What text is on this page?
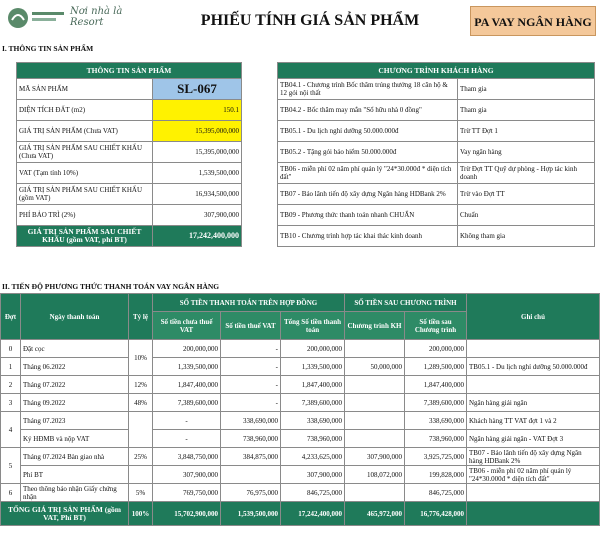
Nơi nhà là Resort	PHIẾU TÍNH GIÁ SẢN PHẨM	PA VAY NGÂN HÀNG
I. THÔNG TIN SẢN PHẨM
THÔNG TIN SẢN PHẨM	
MÃ SẢN PHẨM	SL-067
DIỆN TÍCH ĐẤT (m2)	150.1
GIÁ TRỊ SẢN PHẨM (Chưa VAT)	15,395,000,000
GIÁ TRỊ SẢN PHẨM SAU CHIẾT KHẤU (Chưa VAT)	15,395,000,000
VAT (Tạm tính 10%)	1,539,500,000
GIÁ TRỊ SẢN PHẨM SAU CHIẾT KHẤU (gồm VAT)	16,934,500,000
PHÍ BẢO TRÌ (2%)	307,900,000
GIÁ TRỊ SẢN PHẨM SAU CHIẾT KHẤU (gồm VAT, phí BT)	17,242,400,000
CHƯƠNG TRÌNH KHÁCH HÀNG	
TB04.1 - Chương trình Bốc thăm trúng thưởng 18 căn hộ & 12 gói nội thất	Tham gia
TB04.2 - Bốc thăm may mắn "Sổ hữu nhà 0 đồng"	Tham gia
TB05.1 - Du lịch nghỉ dưỡng 50.000.000đ	Trừ TT Đợt 1
TB05.2 - Tặng gói bảo hiểm 50.000.000đ	Vay ngân hàng
TB06 - miễn phí 02 năm phí quản lý "24*30.000đ * diện tích đất"	Trừ Đợt TT Quỹ dự phòng - Hợp tác kinh doanh
TB07 - Bảo lãnh tiến độ xây dựng Ngân hàng HDBank 2%	Trừ vào Đợt TT
TB09 - Phương thức thanh toán nhanh CHUẨN	Chuẩn
TB10 - Chương trình hợp tác khai thác kinh doanh	Không tham gia
II. TIẾN ĐỘ PHƯƠNG THỨC THANH TOÁN VAY NGÂN HÀNG
Đợt	Ngày thanh toán	Tỷ lệ	SỐ TIỀN THANH TOÁN TRÊN HỢP ĐỒNG			SỐ TIỀN SAU CHƯƠNG TRÌNH		Ghi chú
			Số tiền chưa thuế VAT	Số tiền thuế VAT	Tổng Số tiền thanh toán	Chương trình KH	Số tiền sau Chương trình	
0	Đặt cọc	10%	200,000,000	-	200,000,000		200,000,000	
1	Tháng 06.2022		1,339,500,000	-	1,339,500,000	50,000,000	1,289,500,000	TB05.1 - Du lịch nghỉ dưỡng 50.000.000đ
2	Tháng 07.2022	12%	1,847,400,000	-	1,847,400,000		1,847,400,000	
3	Tháng 09.2022	48%	7,389,600,000	-	7,389,600,000		7,389,600,000	Ngân hàng giải ngân
4	Tháng 07.2023		-	338,690,000	338,690,000		338,690,000	Khách hàng TT VAT đợt 1 và 2
	Ký HĐMB và nộp VAT		-	738,960,000	738,960,000		738,960,000	Ngân hàng giải ngân - VAT Đợt 3
5	Tháng 07.2024 Bàn giao nhà	25%	3,848,750,000	384,875,000	4,233,625,000	307,900,000	3,925,725,000	TB07 - Bảo lãnh tiến độ xây dựng Ngân hàng HDBank 2%
	Phí BT		307,900,000		307,900,000	108,072,000	199,828,000	TB06 - miễn phí 02 năm phí quản lý "24*30.000đ * diện tích đất"
6	Theo thông báo nhận Giấy chứng nhận	5%	769,750,000	76,975,000	846,725,000		846,725,000	
TỔNG GIÁ TRỊ SẢN PHẨM (gồm VAT, Phí BT)		100%	15,702,900,000	1,539,500,000	17,242,400,000	465,972,000	16,776,428,000	
